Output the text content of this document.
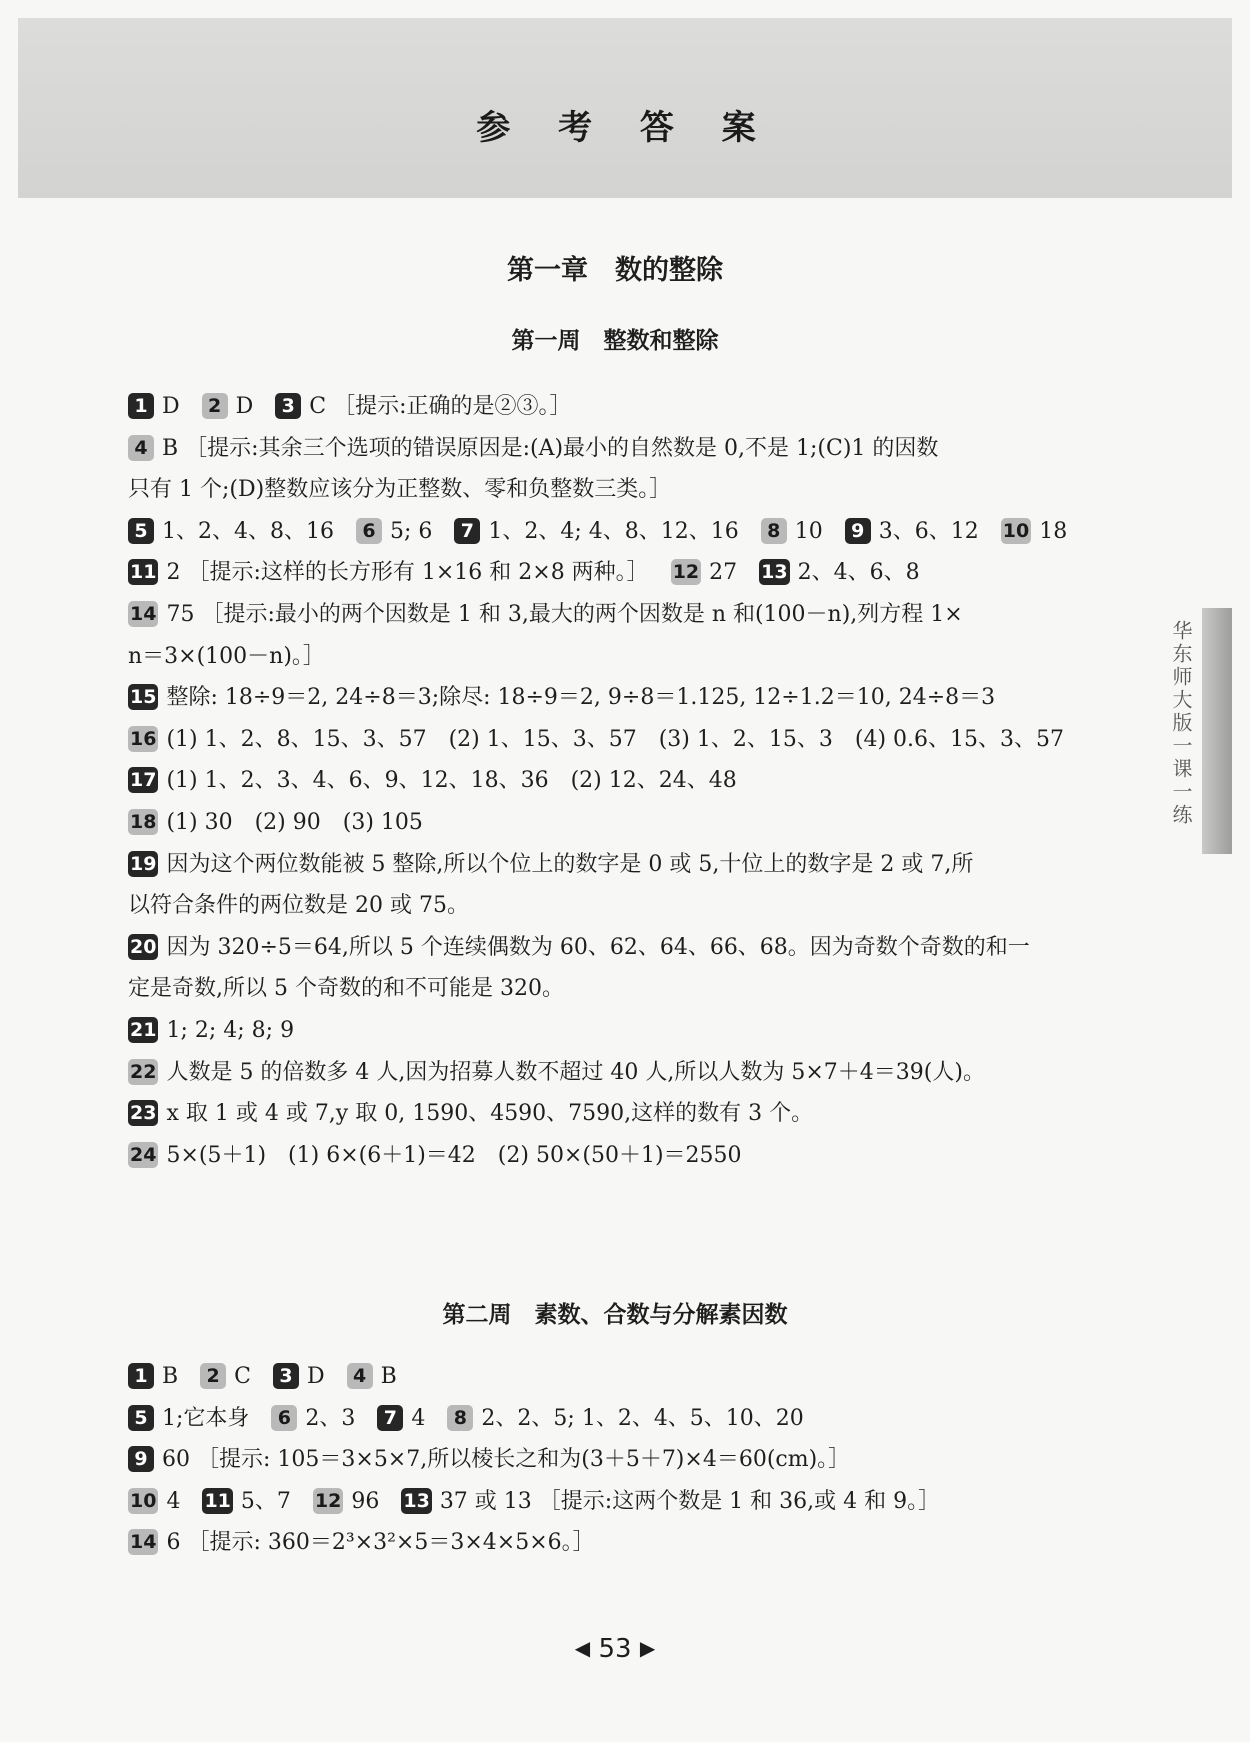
参 考 答 案
第一章　数的整除
第一周　整数和整除
1 D 2 D 3 C ［提示:正确的是②③。］
4 B ［提示:其余三个选项的错误原因是:(A)最小的自然数是 0,不是 1;(C)1 的因数
只有 1 个;(D)整数应该分为正整数、零和负整数三类。］
5 1、2、4、8、16 6 5; 6 7 1、2、4; 4、8、12、16 8 10 9 3、6、12 10 18
11 2 ［提示:这样的长方形有 1×16 和 2×8 两种。］ 12 27 13 2、4、6、8
14 75 ［提示:最小的两个因数是 1 和 3,最大的两个因数是 n 和(100－n),列方程 1×
n＝3×(100－n)。］
15 整除: 18÷9＝2, 24÷8＝3;除尽: 18÷9＝2, 9÷8＝1.125, 12÷1.2＝10, 24÷8＝3
16 (1) 1、2、8、15、3、57　(2) 1、15、3、57　(3) 1、2、15、3　(4) 0.6、15、3、57
17 (1) 1、2、3、4、6、9、12、18、36　(2) 12、24、48
18 (1) 30　(2) 90　(3) 105
19 因为这个两位数能被 5 整除,所以个位上的数字是 0 或 5,十位上的数字是 2 或 7,所
以符合条件的两位数是 20 或 75。
20 因为 320÷5＝64,所以 5 个连续偶数为 60、62、64、66、68。因为奇数个奇数的和一
定是奇数,所以 5 个奇数的和不可能是 320。
21 1; 2; 4; 8; 9
22 人数是 5 的倍数多 4 人,因为招募人数不超过 40 人,所以人数为 5×7＋4＝39(人)。
23 x 取 1 或 4 或 7,y 取 0, 1590、4590、7590,这样的数有 3 个。
24 5×(5＋1)　(1) 6×(6＋1)＝42　(2) 50×(50＋1)＝2550
第二周　素数、合数与分解素因数
1 B 2 C 3 D 4 B
5 1;它本身 6 2、3 7 4 8 2、2、5; 1、2、4、5、10、20
9 60 ［提示: 105＝3×5×7,所以棱长之和为(3＋5＋7)×4＝60(cm)。］
10 4 11 5、7 12 96 13 37 或 13 ［提示:这两个数是 1 和 36,或 4 和 9。］
14 6 ［提示: 360＝2³×3²×5＝3×4×5×6。］
华东师大版一课一练
◀ 53 ▶
